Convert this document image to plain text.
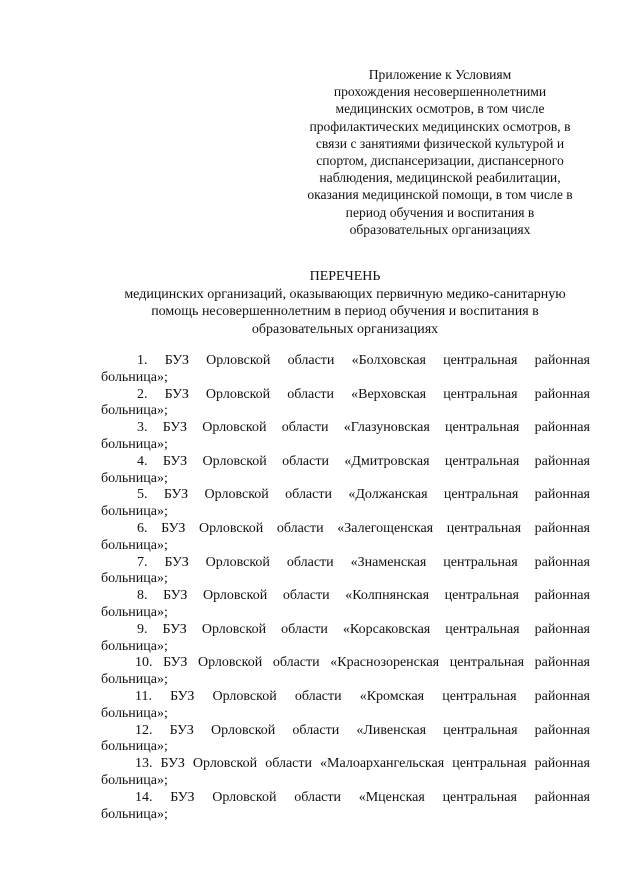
Приложение к Условиям
прохождения несовершеннолетними
медицинских осмотров, в том числе
профилактических медицинских осмотров, в
связи с занятиями физической культурой и
спортом, диспансеризации, диспансерного
наблюдения, медицинской реабилитации,
оказания медицинской помощи, в том числе в
период обучения и воспитания в
образовательных организациях
ПЕРЕЧЕНЬ
медицинских организаций, оказывающих первичную медико-санитарную
помощь несовершеннолетним в период обучения и воспитания в
образовательных организациях
1. БУЗ Орловской области «Болховская центральная районная
больница»;
2. БУЗ Орловской области «Верховская центральная районная
больница»;
3. БУЗ Орловской области «Глазуновская центральная районная
больница»;
4. БУЗ Орловской области «Дмитровская центральная районная
больница»;
5. БУЗ Орловской области «Должанская центральная районная
больница»;
6. БУЗ Орловской области «Залегощенская центральная районная
больница»;
7. БУЗ Орловской области «Знаменская центральная районная
больница»;
8. БУЗ Орловской области «Колпнянская центральная районная
больница»;
9. БУЗ Орловской области «Корсаковская центральная районная
больница»;
10. БУЗ Орловской области «Краснозоренская центральная районная
больница»;
11. БУЗ Орловской области «Кромская центральная районная
больница»;
12. БУЗ Орловской области «Ливенская центральная районная
больница»;
13. БУЗ Орловской области «Малоархангельская центральная районная
больница»;
14. БУЗ Орловской области «Мценская центральная районная
больница»;
